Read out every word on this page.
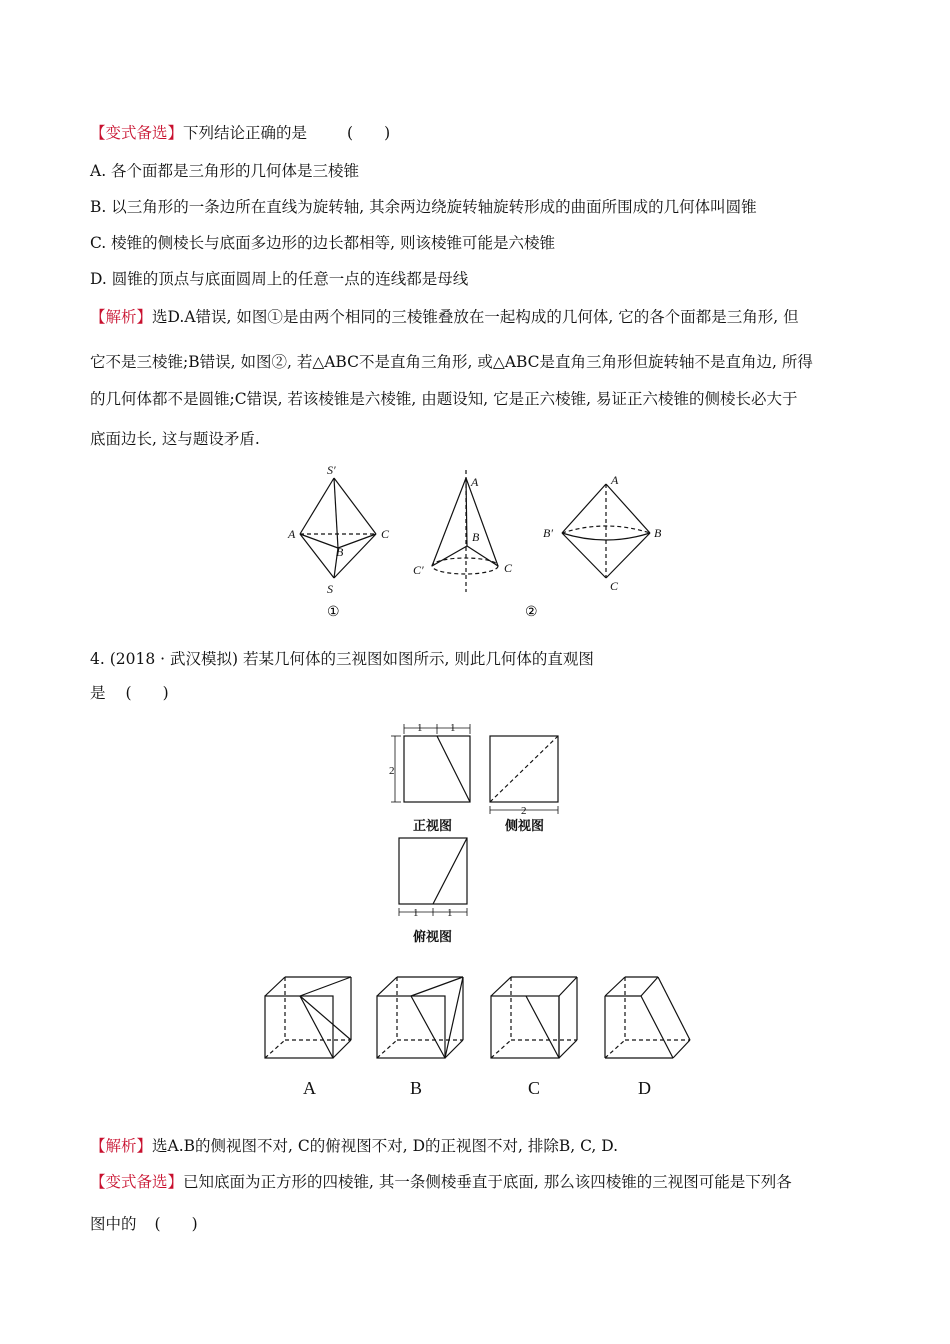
【变式备选】下列结论正确的是	(　　)
A. 各个面都是三角形的几何体是三棱锥
B. 以三角形的一条边所在直线为旋转轴, 其余两边绕旋转轴旋转形成的曲面所围成的几何体叫圆锥
C. 棱锥的侧棱长与底面多边形的边长都相等, 则该棱锥可能是六棱锥
D. 圆锥的顶点与底面圆周上的任意一点的连线都是母线
【解析】选D.A错误, 如图①是由两个相同的三棱锥叠放在一起构成的几何体, 它的各个面都是三角形, 但
它不是三棱锥;B错误, 如图②, 若△ABC不是直角三角形, 或△ABC是直角三角形但旋转轴不是直角边, 所得
的几何体都不是圆锥;C错误, 若该棱锥是六棱锥, 由题设知, 它是正六棱锥, 易证正六棱锥的侧棱长必大于
底面边长, 这与题设矛盾.
S′
A
B
C
S
①
A
B
C′	C
②
A
B′	B
C
4. (2018 · 武汉模拟) 若某几何体的三视图如图所示, 则此几何体的直观图
是 (　　)
1	1
2
2
1	1
正视图	侧视图
俯视图
A	B	C	D
【解析】选A.B的侧视图不对, C的俯视图不对, D的正视图不对, 排除B, C, D.
【变式备选】已知底面为正方形的四棱锥, 其一条侧棱垂直于底面, 那么该四棱锥的三视图可能是下列各
图中的 (　　)
